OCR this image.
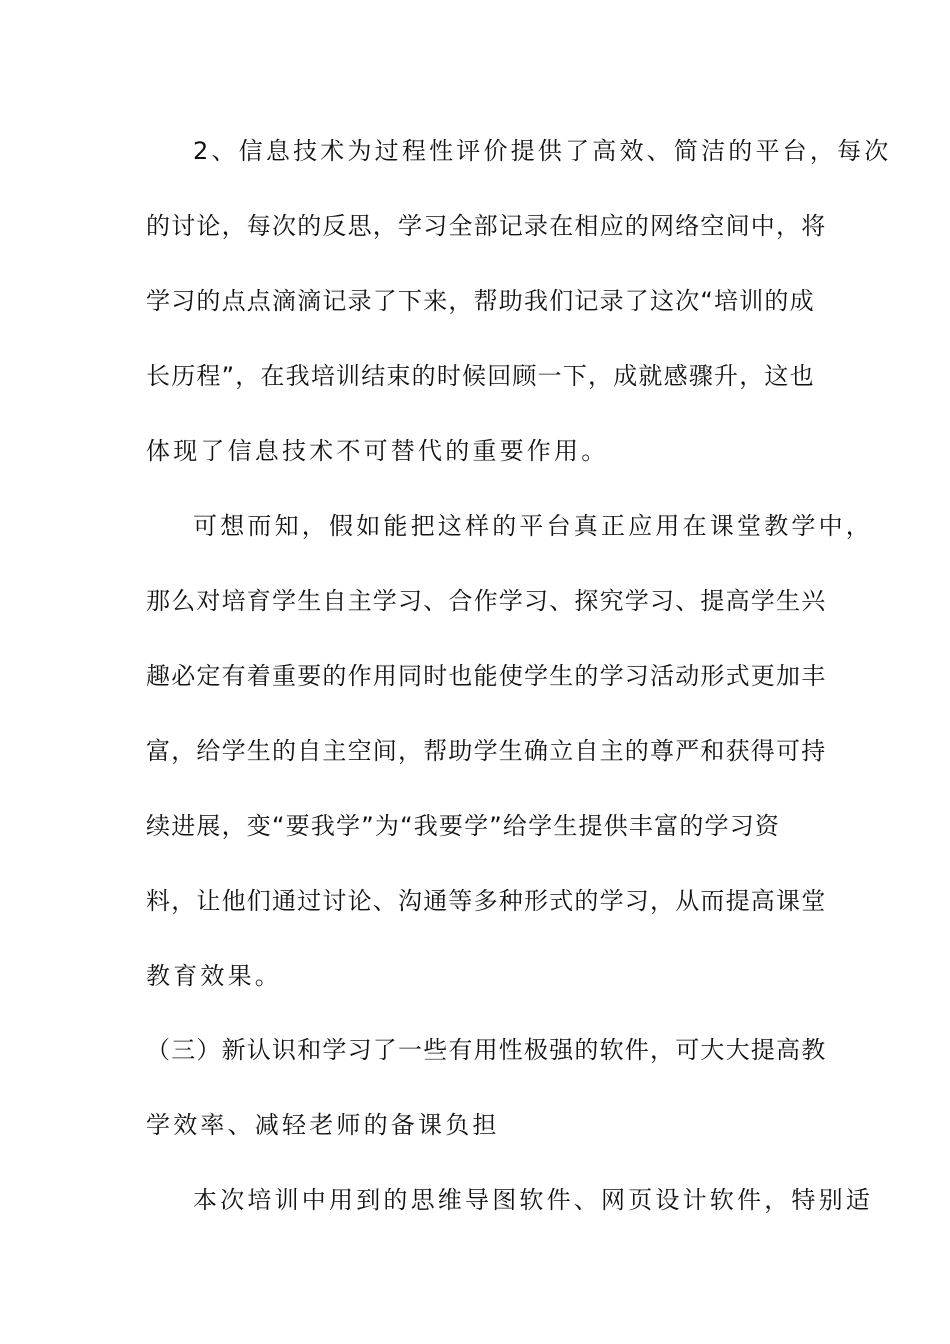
2、信息技术为过程性评价提供了高效、简洁的平台，每次
的讨论，每次的反思，学习全部记录在相应的网络空间中，将
学习的点点滴滴记录了下来，帮助我们记录了这次“培训的成
长历程”，在我培训结束的时候回顾一下，成就感骤升，这也
体现了信息技术不可替代的重要作用。
可想而知，假如能把这样的平台真正应用在课堂教学中，
那么对培育学生自主学习、合作学习、探究学习、提高学生兴
趣必定有着重要的作用同时也能使学生的学习活动形式更加丰
富，给学生的自主空间，帮助学生确立自主的尊严和获得可持
续进展，变“要我学”为“我要学”给学生提供丰富的学习资
料，让他们通过讨论、沟通等多种形式的学习，从而提高课堂
教育效果。
（三）新认识和学习了一些有用性极强的软件，可大大提高教
学效率、减轻老师的备课负担
本次培训中用到的思维导图软件、网页设计软件，特别适
